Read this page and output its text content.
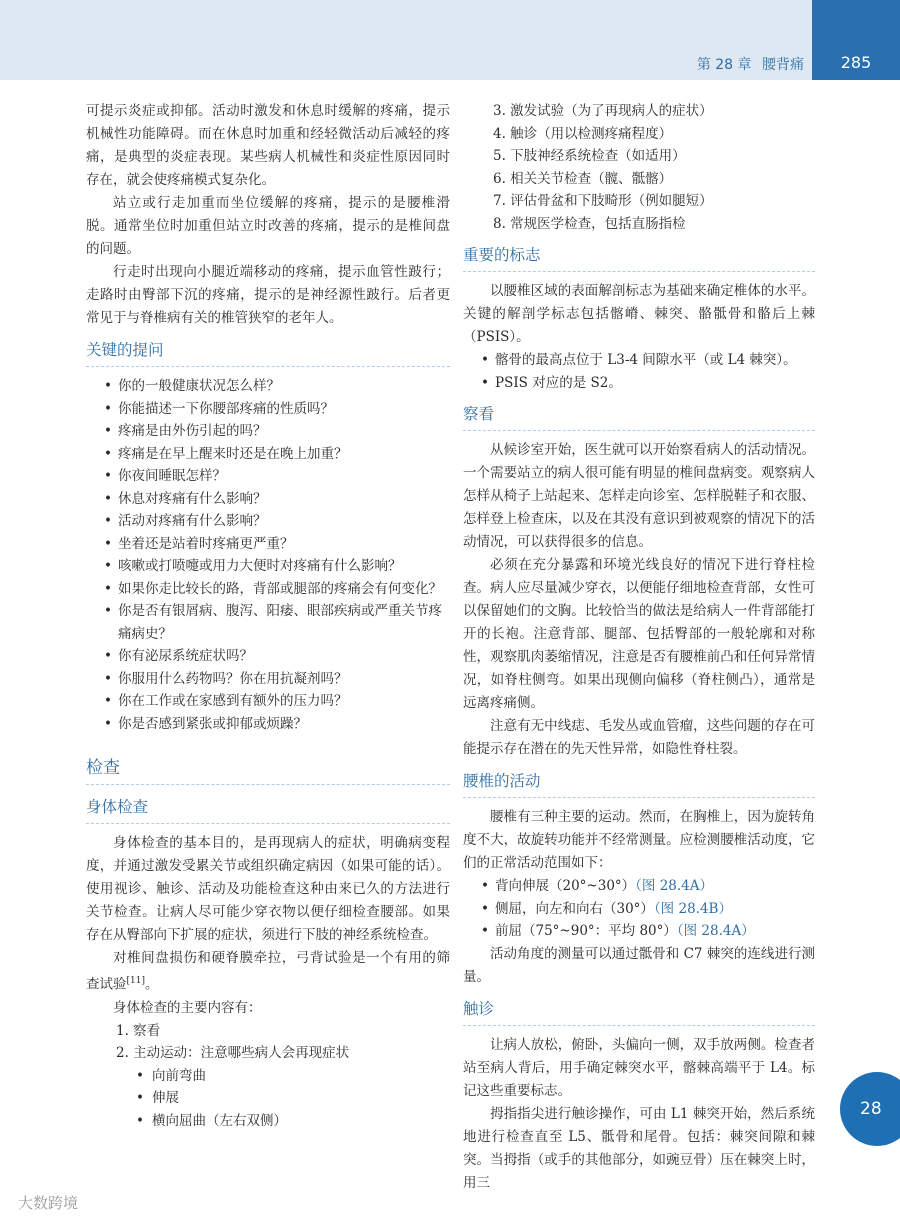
第 28 章 腰背痛	285

可提示炎症或抑郁。活动时激发和休息时缓解的疼痛，提示机械性功能障碍。而在休息时加重和经轻微活动后减轻的疼痛，是典型的炎症表现。某些病人机械性和炎症性原因同时存在，就会使疼痛模式复杂化。

站立或行走加重而坐位缓解的疼痛，提示的是腰椎滑脱。通常坐位时加重但站立时改善的疼痛，提示的是椎间盘的问题。

行走时出现向小腿近端移动的疼痛，提示血管性跛行；走路时由臀部下沉的疼痛，提示的是神经源性跛行。后者更常见于与脊椎病有关的椎管狭窄的老年人。

关键的提问
• 你的一般健康状况怎么样？
• 你能描述一下你腰部疼痛的性质吗？
• 疼痛是由外伤引起的吗？
• 疼痛是在早上醒来时还是在晚上加重？
• 你夜间睡眠怎样？
• 休息对疼痛有什么影响？
• 活动对疼痛有什么影响？
• 坐着还是站着时疼痛更严重？
• 咳嗽或打喷嚏或用力大便时对疼痛有什么影响？
• 如果你走比较长的路，背部或腿部的疼痛会有何变化？
• 你是否有银屑病、腹泻、阳痿、眼部疾病或严重关节疼痛病史？
• 你有泌尿系统症状吗？
• 你服用什么药物吗？你在用抗凝剂吗？
• 你在工作或在家感到有额外的压力吗？
• 你是否感到紧张或抑郁或烦躁？
检查
身体检查

身体检查的基本目的，是再现病人的症状，明确病变程度，并通过激发受累关节或组织确定病因（如果可能的话）。使用视诊、触诊、活动及功能检查这种由来已久的方法进行关节检查。让病人尽可能少穿衣物以便仔细检查腰部。如果存在从臀部向下扩展的症状，须进行下肢的神经系统检查。

对椎间盘损伤和硬脊膜牵拉，弓背试验是一个有用的筛查试验[11]。

身体检查的主要内容有：

1. 察看
2. 主动运动：注意哪些病人会再现症状
• 向前弯曲
• 伸展
• 横向屈曲（左右双侧）
3. 激发试验（为了再现病人的症状）
4. 触诊（用以检测疼痛程度）
5. 下肢神经系统检查（如适用）
6. 相关关节检查（髋、骶髂）
7. 评估骨盆和下肢畸形（例如腿短）
8. 常规医学检查，包括直肠指检
重要的标志

以腰椎区域的表面解剖标志为基础来确定椎体的水平。关键的解剖学标志包括髂嵴、棘突、骼骶骨和骼后上棘（PSIS）。

• 髂骨的最高点位于 L3-4 间隙水平（或 L4 棘突）。
• PSIS 对应的是 S2。
察看

从候诊室开始，医生就可以开始察看病人的活动情况。一个需要站立的病人很可能有明显的椎间盘病变。观察病人怎样从椅子上站起来、怎样走向诊室、怎样脱鞋子和衣服、怎样登上检查床，以及在其没有意识到被观察的情况下的活动情况，可以获得很多的信息。

必须在充分暴露和环境光线良好的情况下进行脊柱检查。病人应尽量减少穿衣，以便能仔细地检查背部，女性可以保留她们的文胸。比较恰当的做法是给病人一件背部能打开的长袍。注意背部、腿部、包括臀部的一般轮廓和对称性，观察肌肉萎缩情况，注意是否有腰椎前凸和任何异常情况，如脊柱侧弯。如果出现侧向偏移（脊柱侧凸），通常是远离疼痛侧。

注意有无中线痣、毛发丛或血管瘤，这些问题的存在可能提示存在潜在的先天性异常，如隐性脊柱裂。

腰椎的活动

腰椎有三种主要的运动。然而，在胸椎上，因为旋转角度不大，故旋转功能并不经常测量。应检测腰椎活动度，它们的正常活动范围如下：

• 背向伸展（20°~30°）（图 28.4A）
• 侧屈，向左和向右（30°）（图 28.4B）
• 前屈（75°~90°：平均 80°）（图 28.4A）

活动角度的测量可以通过骶骨和 C7 棘突的连线进行测量。

触诊

让病人放松，俯卧，头偏向一侧，双手放两侧。检查者站至病人背后，用手确定棘突水平，髂棘高端平于 L4。标记这些重要标志。

拇指指尖进行触诊操作，可由 L1 棘突开始，然后系统地进行检查直至 L5、骶骨和尾骨。包括：棘突间隙和棘突。当拇指（或手的其他部分，如豌豆骨）压在棘突上时，用三

28
大数跨境
